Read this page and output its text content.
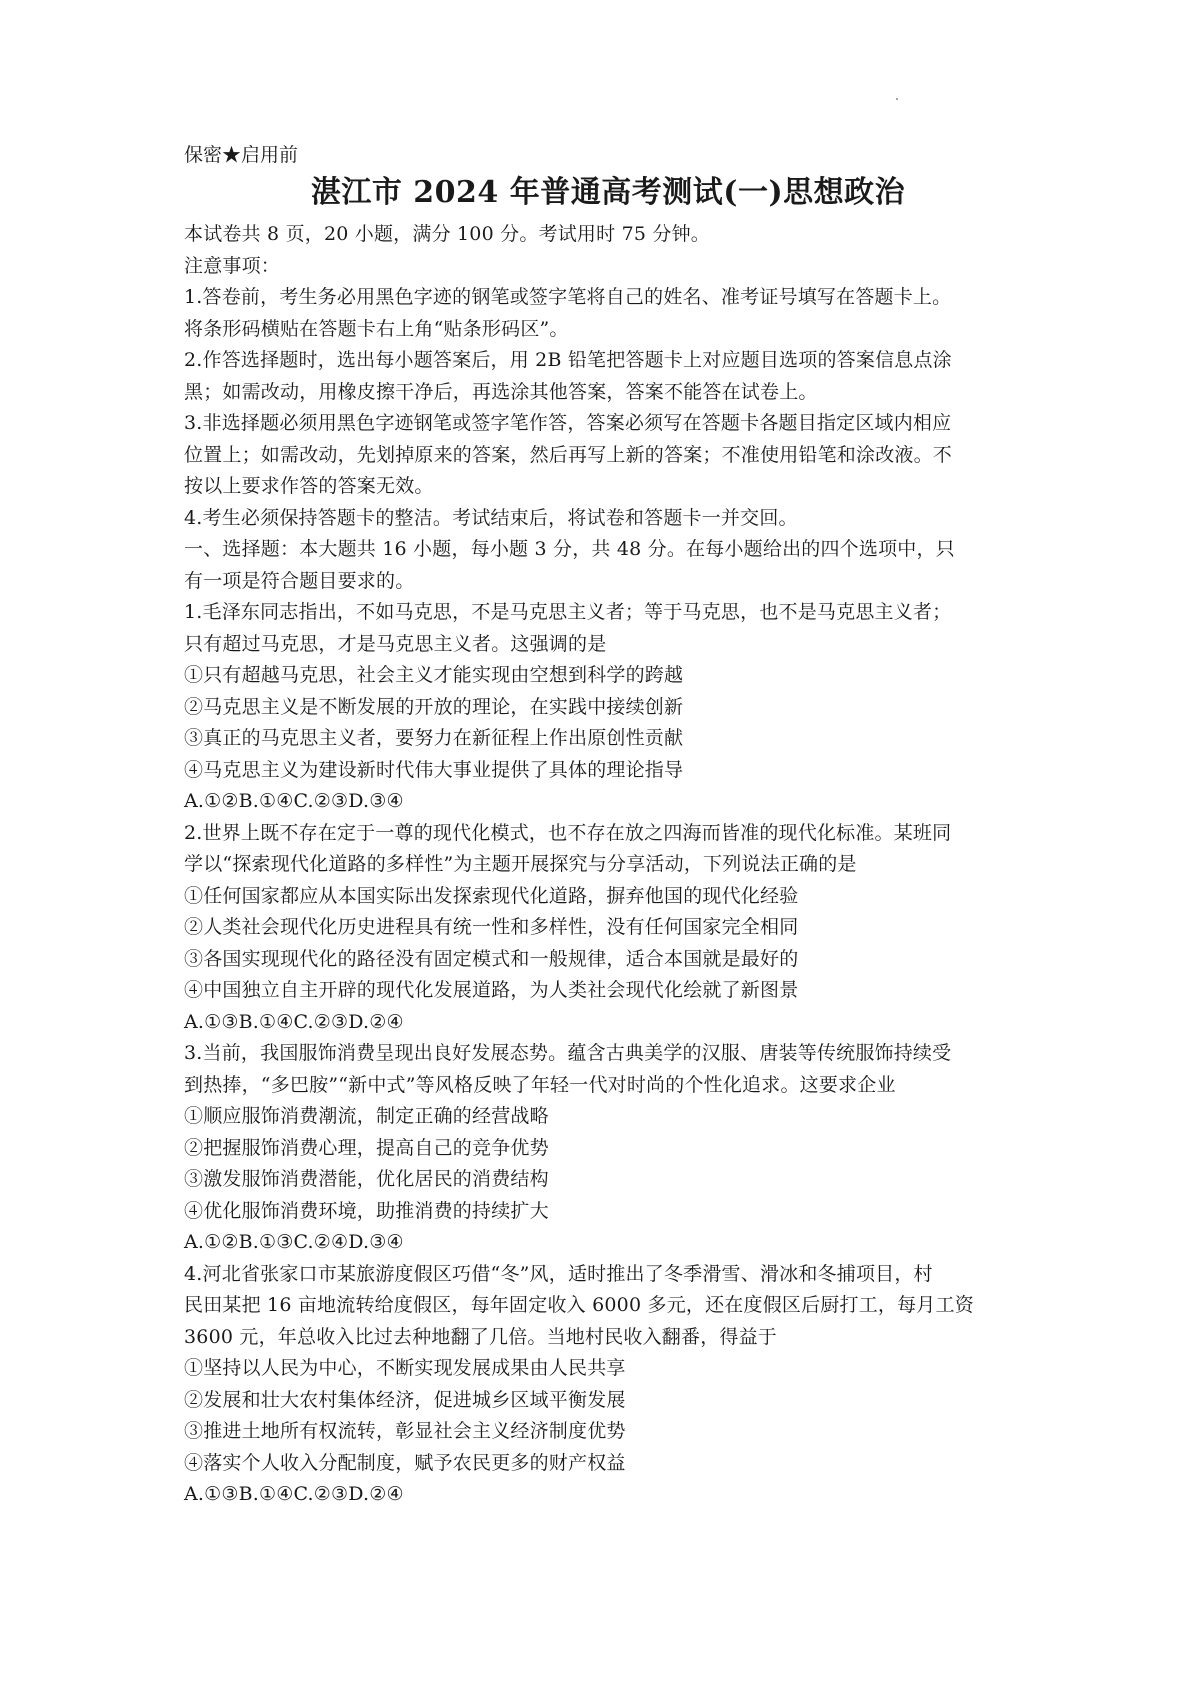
保密★启用前
湛江市 2024 年普通高考测试(一)思想政治
本试卷共 8 页，20 小题，满分 100 分。考试用时 75 分钟。
注意事项：
1.答卷前，考生务必用黑色字迹的钢笔或签字笔将自己的姓名、准考证号填写在答题卡上。
将条形码横贴在答题卡右上角“贴条形码区”。
2.作答选择题时，选出每小题答案后，用 2B 铅笔把答题卡上对应题目选项的答案信息点涂
黑；如需改动，用橡皮擦干净后，再选涂其他答案，答案不能答在试卷上。
3.非选择题必须用黑色字迹钢笔或签字笔作答，答案必须写在答题卡各题目指定区域内相应
位置上；如需改动，先划掉原来的答案，然后再写上新的答案；不准使用铅笔和涂改液。不
按以上要求作答的答案无效。
4.考生必须保持答题卡的整洁。考试结束后，将试卷和答题卡一并交回。
一、选择题：本大题共 16 小题，每小题 3 分，共 48 分。在每小题给出的四个选项中，只
有一项是符合题目要求的。
1.毛泽东同志指出，不如马克思，不是马克思主义者；等于马克思，也不是马克思主义者；
只有超过马克思，才是马克思主义者。这强调的是
①只有超越马克思，社会主义才能实现由空想到科学的跨越
②马克思主义是不断发展的开放的理论，在实践中接续创新
③真正的马克思主义者，要努力在新征程上作出原创性贡献
④马克思主义为建设新时代伟大事业提供了具体的理论指导
A.①②B.①④C.②③D.③④
2.世界上既不存在定于一尊的现代化模式，也不存在放之四海而皆准的现代化标准。某班同
学以“探索现代化道路的多样性”为主题开展探究与分享活动，下列说法正确的是
①任何国家都应从本国实际出发探索现代化道路，摒弃他国的现代化经验
②人类社会现代化历史进程具有统一性和多样性，没有任何国家完全相同
③各国实现现代化的路径没有固定模式和一般规律，适合本国就是最好的
④中国独立自主开辟的现代化发展道路，为人类社会现代化绘就了新图景
A.①③B.①④C.②③D.②④
3.当前，我国服饰消费呈现出良好发展态势。蕴含古典美学的汉服、唐装等传统服饰持续受
到热捧，“多巴胺”“新中式”等风格反映了年轻一代对时尚的个性化追求。这要求企业
①顺应服饰消费潮流，制定正确的经营战略
②把握服饰消费心理，提高自己的竞争优势
③激发服饰消费潜能，优化居民的消费结构
④优化服饰消费环境，助推消费的持续扩大
A.①②B.①③C.②④D.③④
4.河北省张家口市某旅游度假区巧借“冬”风，适时推出了冬季滑雪、滑冰和冬捕项目，村
民田某把 16 亩地流转给度假区，每年固定收入 6000 多元，还在度假区后厨打工，每月工资
3600 元，年总收入比过去种地翻了几倍。当地村民收入翻番，得益于
①坚持以人民为中心，不断实现发展成果由人民共享
②发展和壮大农村集体经济，促进城乡区域平衡发展
③推进土地所有权流转，彰显社会主义经济制度优势
④落实个人收入分配制度，赋予农民更多的财产权益
A.①③B.①④C.②③D.②④
